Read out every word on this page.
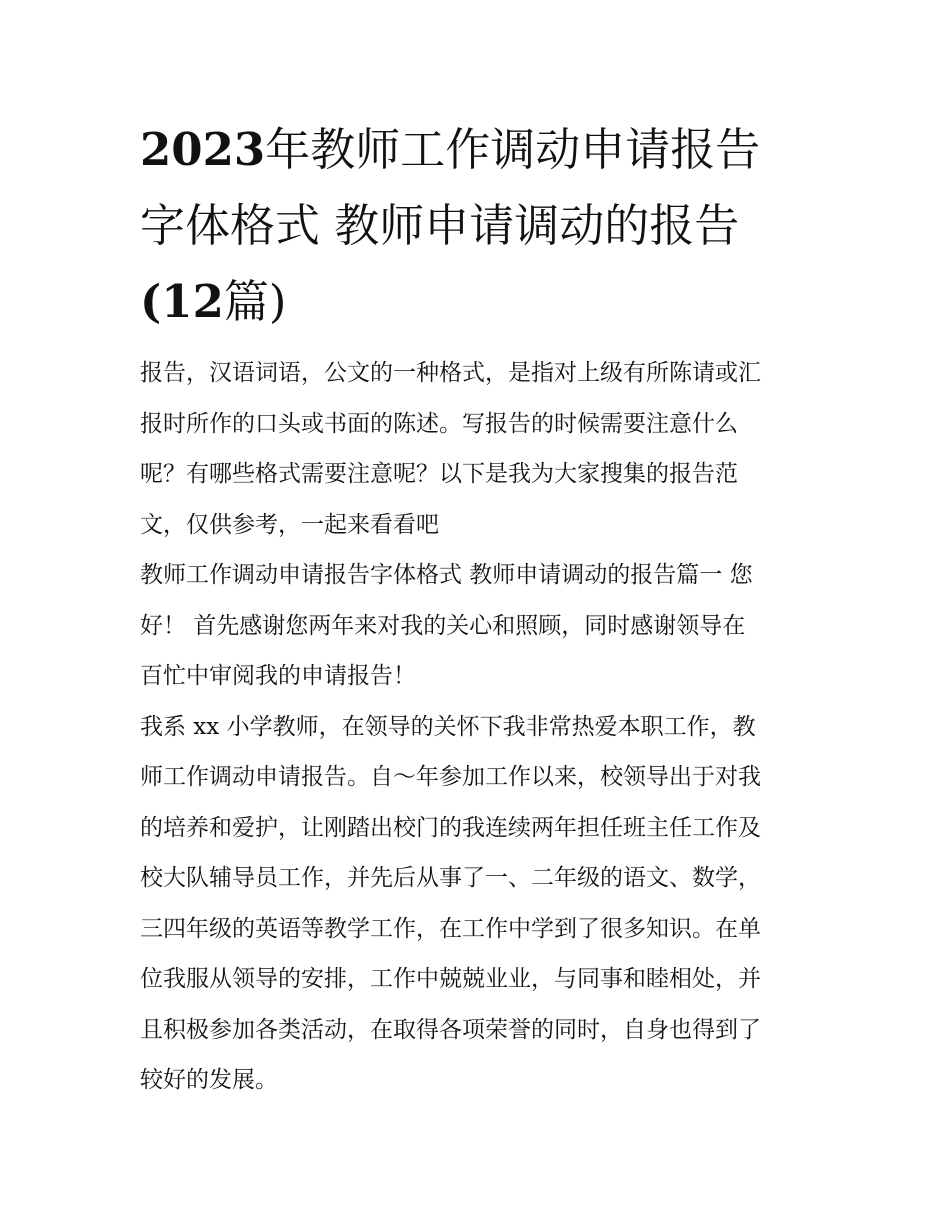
2023年教师工作调动申请报告
字体格式 教师申请调动的报告
(12篇)

报告，汉语词语，公文的一种格式，是指对上级有所陈请或汇
报时所作的口头或书面的陈述。写报告的时候需要注意什么
呢？有哪些格式需要注意呢？以下是我为大家搜集的报告范
文，仅供参考，一起来看看吧

教师工作调动申请报告字体格式 教师申请调动的报告篇一 您
好！ 首先感谢您两年来对我的关心和照顾，同时感谢领导在
百忙中审阅我的申请报告！

我系 xx 小学教师，在领导的关怀下我非常热爱本职工作，教
师工作调动申请报告。自～年参加工作以来，校领导出于对我
的培养和爱护，让刚踏出校门的我连续两年担任班主任工作及
校大队辅导员工作，并先后从事了一、二年级的语文、数学，
三四年级的英语等教学工作，在工作中学到了很多知识。在单
位我服从领导的安排，工作中兢兢业业，与同事和睦相处，并
且积极参加各类活动，在取得各项荣誉的同时，自身也得到了
较好的发展。
